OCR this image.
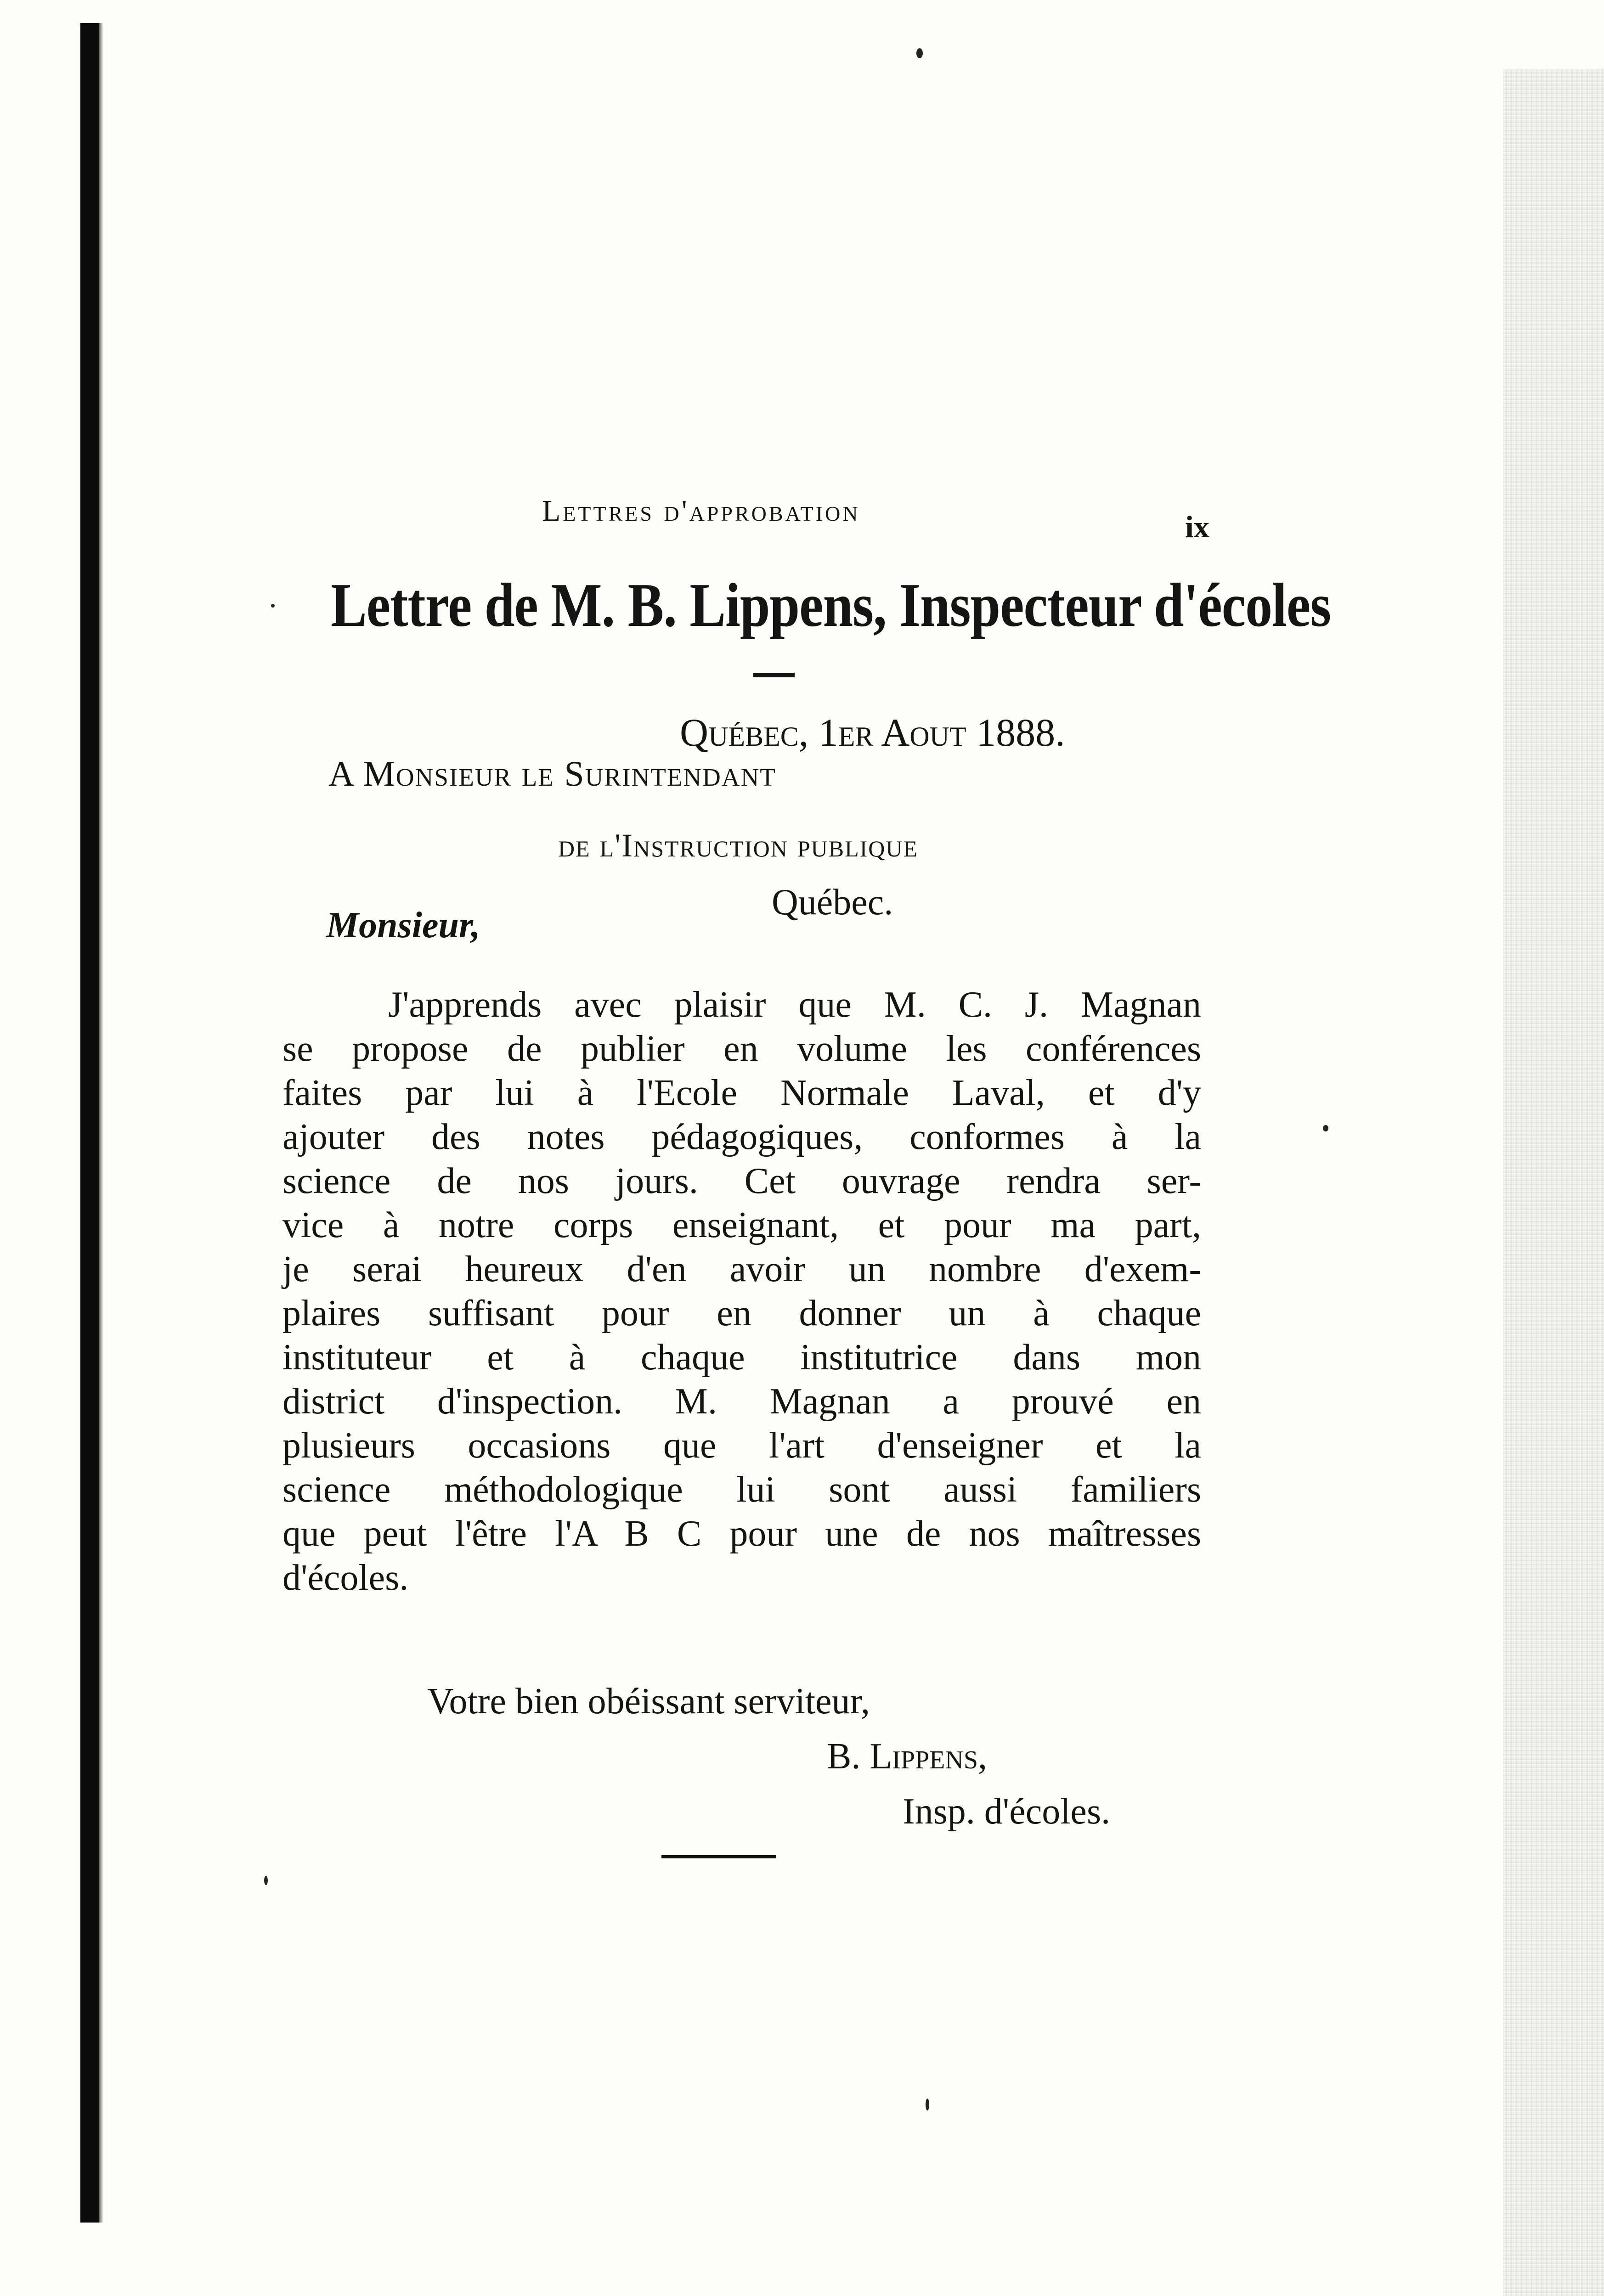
Lettres d'approbation	ix
Lettre de M. B. Lippens, Inspecteur d'écoles
Québec, 1er Aout 1888.
A Monsieur le Surintendant
de l'Instruction publique
Québec.
Monsieur,
J'apprends avec plaisir que M. C. J. Magnan
se propose de publier en volume les conférences
faites par lui à l'Ecole Normale Laval, et d'y
ajouter des notes pédagogiques, conformes à la
science de nos jours. Cet ouvrage rendra ser-
vice à notre corps enseignant, et pour ma part,
je serai heureux d'en avoir un nombre d'exem-
plaires suffisant pour en donner un à chaque
instituteur et à chaque institutrice dans mon
district d'inspection. M. Magnan a prouvé en
plusieurs occasions que l'art d'enseigner et la
science méthodologique lui sont aussi familiers
que peut l'être l'A B C pour une de nos maîtresses
d'écoles.
Votre bien obéissant serviteur,
B. Lippens,
Insp. d'écoles.
